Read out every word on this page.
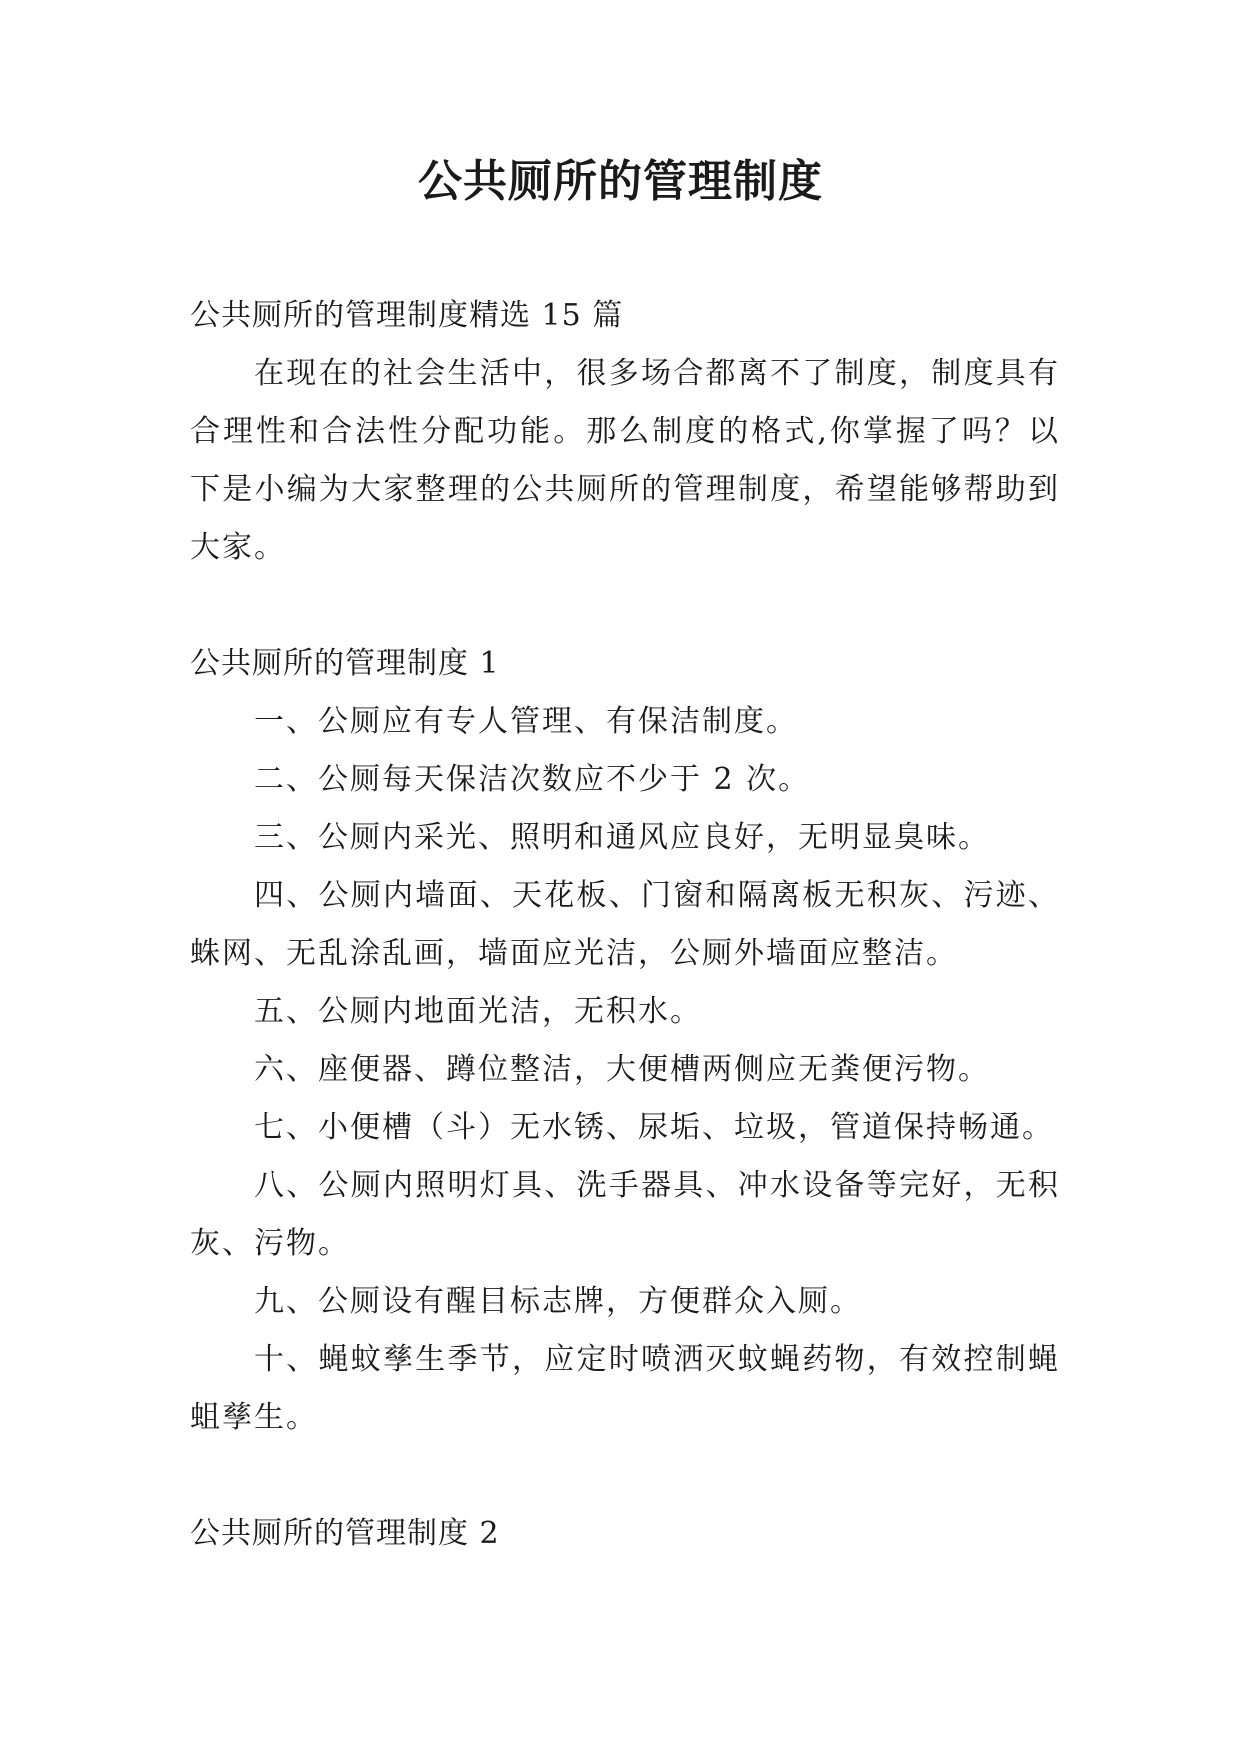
公共厕所的管理制度

公共厕所的管理制度精选 15 篇

在现在的社会生活中，很多场合都离不了制度，制度具有合理性和合法性分配功能。那么制度的格式,你掌握了吗？以下是小编为大家整理的公共厕所的管理制度，希望能够帮助到大家。

公共厕所的管理制度 1

一、公厕应有专人管理、有保洁制度。

二、公厕每天保洁次数应不少于 2 次。

三、公厕内采光、照明和通风应良好，无明显臭味。

四、公厕内墙面、天花板、门窗和隔离板无积灰、污迹、蛛网、无乱涂乱画，墙面应光洁，公厕外墙面应整洁。

五、公厕内地面光洁，无积水。

六、座便器、蹲位整洁，大便槽两侧应无粪便污物。

七、小便槽（斗）无水锈、尿垢、垃圾，管道保持畅通。

八、公厕内照明灯具、洗手器具、冲水设备等完好，无积灰、污物。

九、公厕设有醒目标志牌，方便群众入厕。

十、蝇蚊孳生季节，应定时喷洒灭蚊蝇药物，有效控制蝇蛆孳生。

公共厕所的管理制度 2
